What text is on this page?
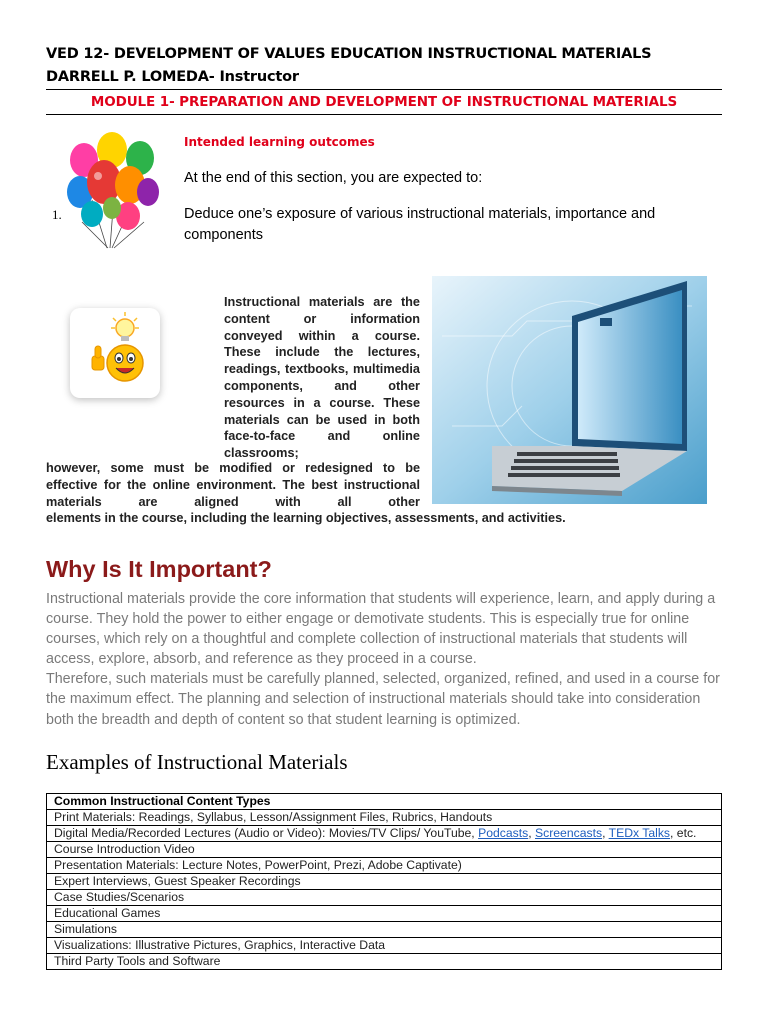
VED 12- DEVELOPMENT OF VALUES EDUCATION INSTRUCTIONAL MATERIALS
DARRELL P. LOMEDA- Instructor
MODULE 1- PREPARATION AND DEVELOPMENT OF INSTRUCTIONAL MATERIALS
Intended learning outcomes
At the end of this section, you are expected to:
1.	Deduce one’s exposure of various instructional materials, importance and components
Instructional materials are the content or information conveyed within a course. These include the lectures, readings, textbooks, multimedia components, and other resources in a course. These materials can be used in both face-to-face and online classrooms;
however, some must be modified or redesigned to be effective for the online environment. The best instructional materials are aligned with all other
elements in the course, including the learning objectives, assessments, and activities.
Why Is It Important?

Instructional materials provide the core information that students will experience, learn, and apply during a course. They hold the power to either engage or demotivate students. This is especially true for online courses, which rely on a thoughtful and complete collection of instructional materials that students will access, explore, absorb, and reference as they proceed in a course.

Therefore, such materials must be carefully planned, selected, organized, refined, and used in a course for the maximum effect. The planning and selection of instructional materials should take into consideration both the breadth and depth of content so that student learning is optimized.

Examples of Instructional Materials
Common Instructional Content Types
Print Materials: Readings, Syllabus, Lesson/Assignment Files, Rubrics, Handouts
Digital Media/Recorded Lectures (Audio or Video): Movies/TV Clips/ YouTube, Podcasts, Screencasts, TEDx Talks, etc.
Course Introduction Video
Presentation Materials: Lecture Notes, PowerPoint, Prezi, Adobe Captivate)
Expert Interviews, Guest Speaker Recordings
Case Studies/Scenarios
Educational Games
Simulations
Visualizations: Illustrative Pictures, Graphics, Interactive Data
Third Party Tools and Software
